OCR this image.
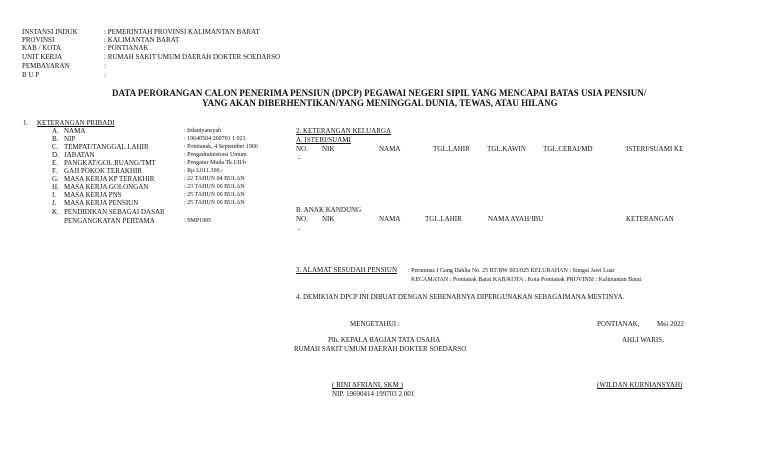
INSTANSI INDUK	: PEMERINTAH PROVINSI KALIMANTAN BARAT
PROVINSI	: KALIMANTAN BARAT
KAB / KOTA	: PONTIANAK
UNIT KERJA	: RUMAH SAKIT UMUM DAERAH DOKTER SOEDARSO
PEMBAYARAN	:
B U P	:
DATA PERORANGAN CALON PENERIMA PENSIUN (DPCP) PEGAWAI NEGERI SIPIL YANG MENCAPAI BATAS USIA PENSIUN/
YANG AKAN DIBERHENTIKAN/YANG MENINGGAL DUNIA, TEWAS, ATAU HILANG
1. KETERANGAN PRIBADI
A. NAMA	: Irdaniyansyah
B. NIP	: 19640504 200701 1 021
C. TEMPAT/TANGGAL LAHIR	: Pontianak, 4 September 1966
D. JABATAN	: Pengadministrasi Umum
E. PANGKAT/GOL.RUANG/TMT	: Pengatur Muda Tk.I/II/b
F. GAJI POKOK TERAKHIR	: Rp.3.011.300,-
G. MASA KERJA KP TERAKHIR	: 22 TAHUN 04 BULAN
H. MASA KERJA GOLONGAN	: 23 TAHUN 00 BULAN
I. MASA KERJA PNS	: 25 TAHUN 00 BULAN
J. MASA KERJA PENSIUN	: 25 TAHUN 00 BULAN
K. PENDIDIKAN SEBAGAI DASAR
PENGANGKATAN PERTAMA	: SMP1985
2. KETERANGAN KELUARGA
A. ISTERI/SUAMI
NO. NIK	NAMA	TGL.LAHIR TGL.KAWIN TGL.CERAI/MD	ISTERI/SUAMI KE
-
B. ANAK KANDUNG
NO. NIK	NAMA	TGL.LAHIR	NAMA AYAH/IBU	KETERANGAN
-
3. ALAMAT SESUDAH PENSIUN : Perumnas I Gang Dahlia No. 25 RT/RW 003/025 KELURAHAN : Sungai Jawi Luar
KECAMATAN : Pontianak Barat KAB/KOTA : Kota Pontianak PROVINSI : Kalimantan Barat
4. DEMIKIAN DPCP INI DIBUAT DENGAN SEBENARNYA DIPERGUNAKAN SEBAGAIMANA MESTINYA.
MENGETAHUI :	PONTIANAK, Mei 2022
Plh. KEPALA BAGIAN TATA USAHA
RUMAH SAKIT UMUM DAERAH DOKTER SOEDARSO
AHLI WARIS,
( RINI AFRIANI, SKM )
NIP. 19690414 199703 2 001
(WILDAN KURNIANSYAH)
